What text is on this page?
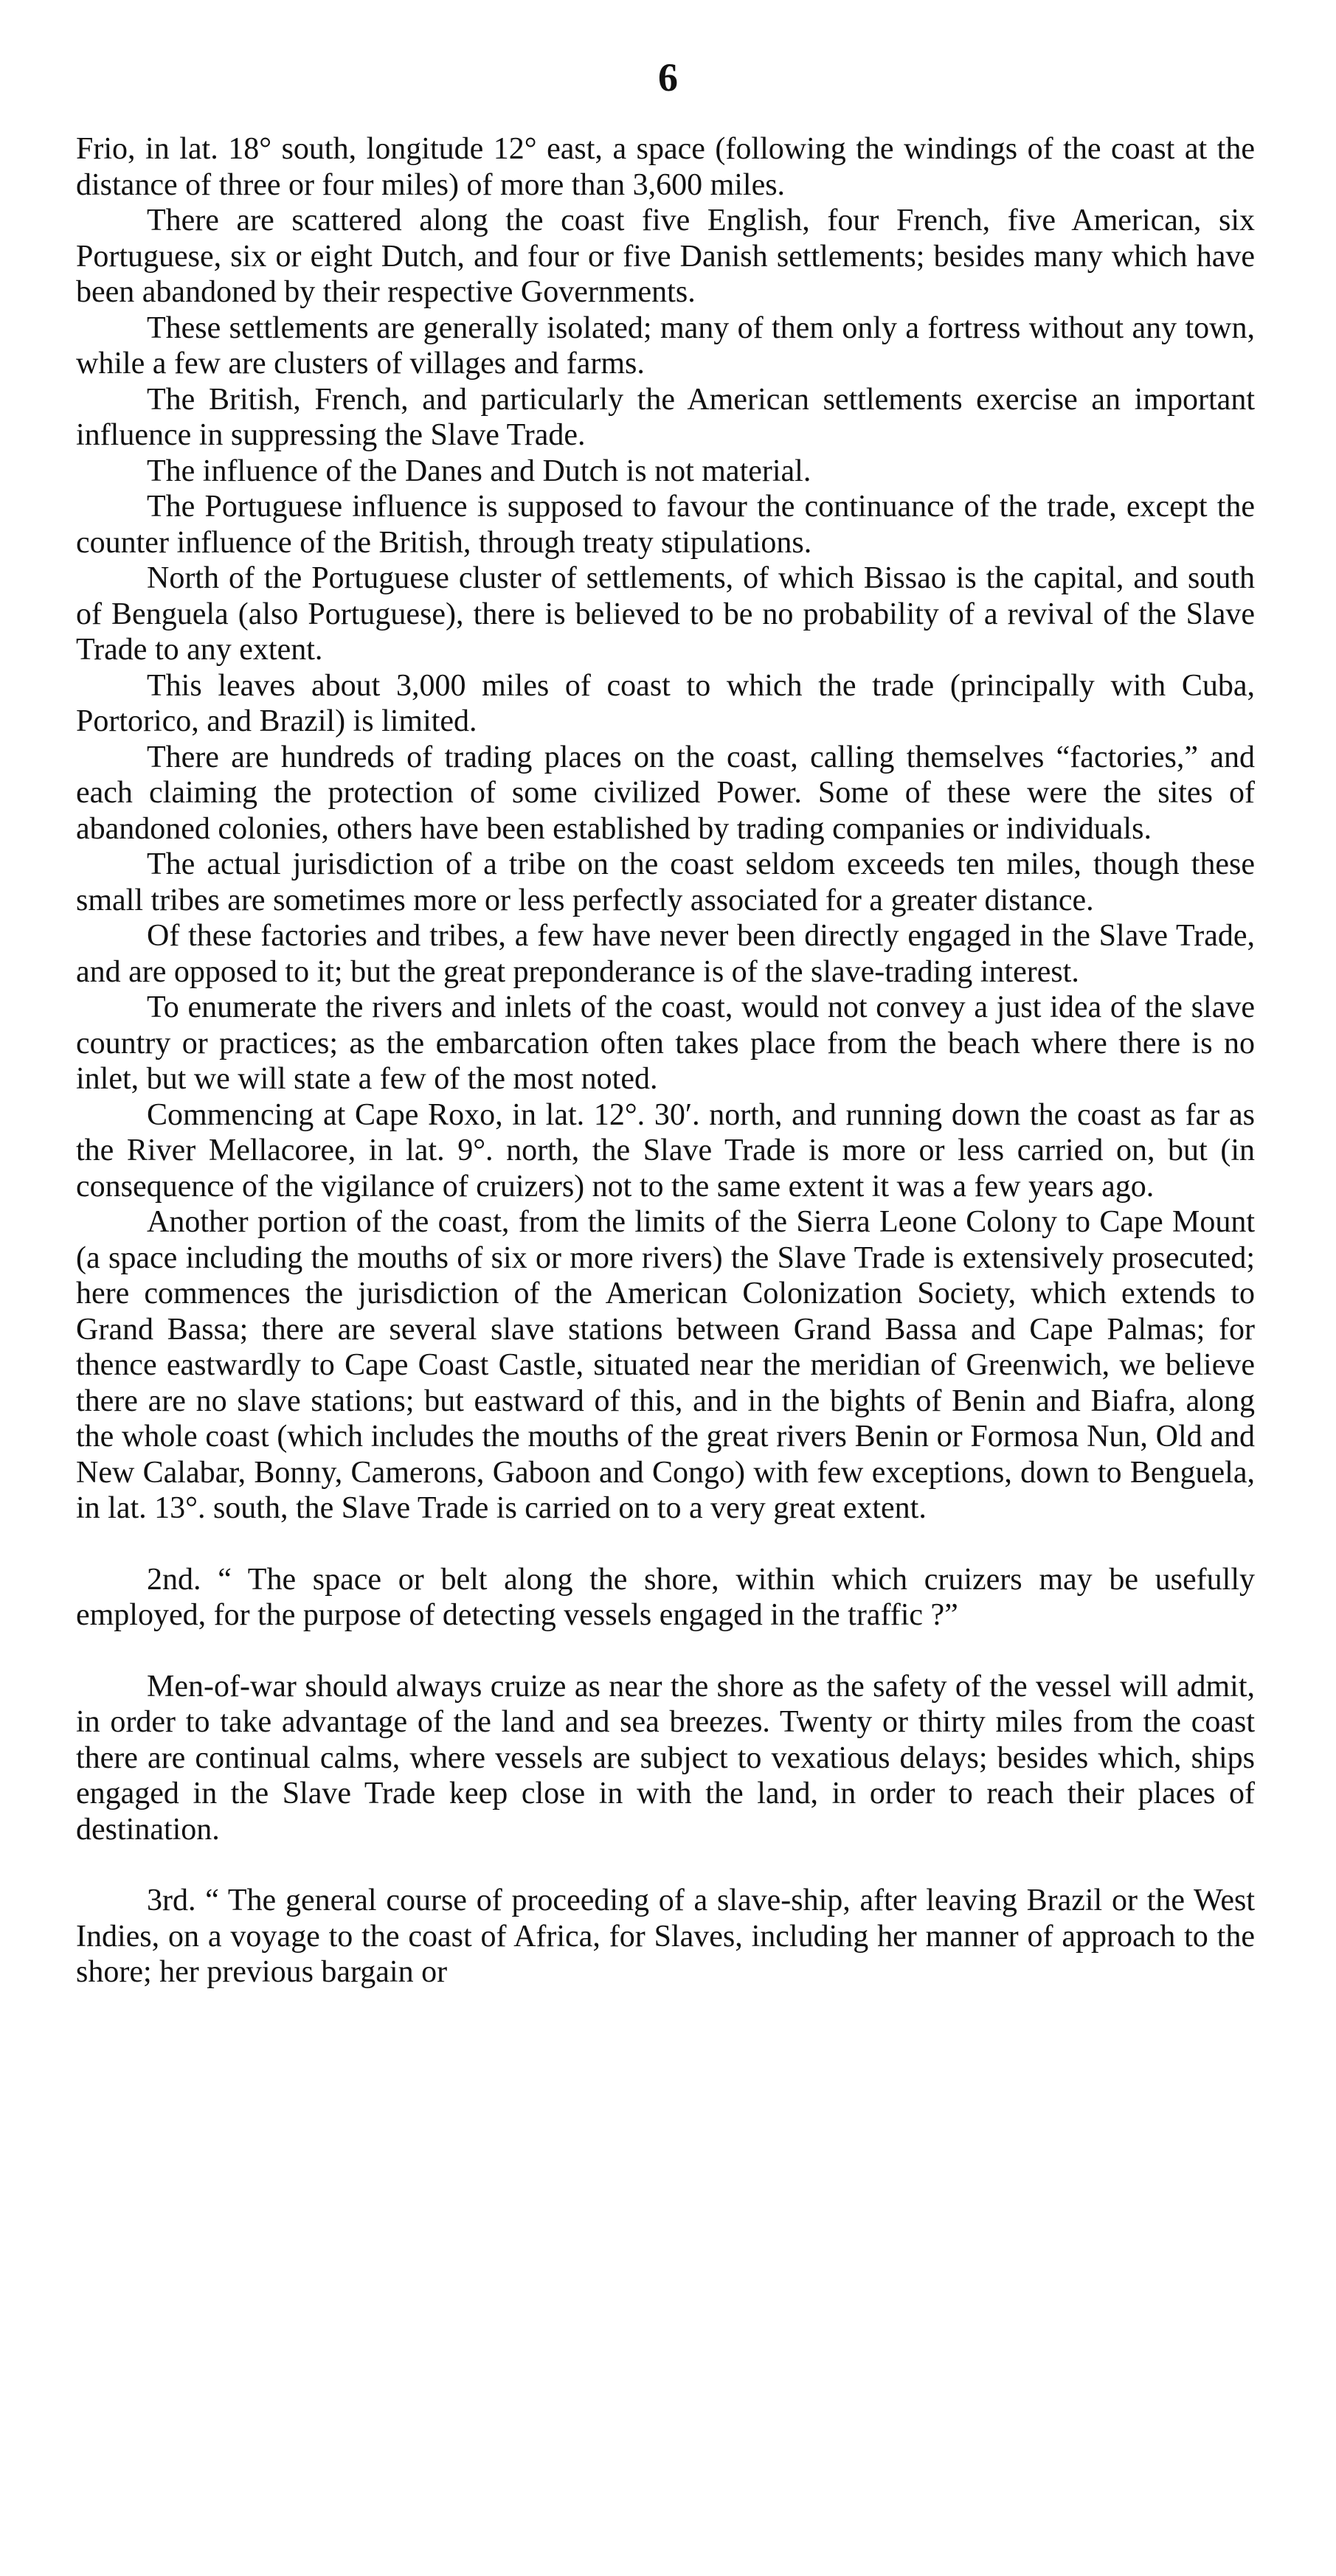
6

Frio, in lat. 18° south, longitude 12° east, a space (following the windings of the coast at the distance of three or four miles) of more than 3,600 miles.

There are scattered along the coast five English, four French, five American, six Portuguese, six or eight Dutch, and four or five Danish settlements; besides many which have been abandoned by their respective Governments.

These settlements are generally isolated; many of them only a fortress without any town, while a few are clusters of villages and farms.

The British, French, and particularly the American settlements exercise an important influence in suppressing the Slave Trade.

The influence of the Danes and Dutch is not material.

The Portuguese influence is supposed to favour the continuance of the trade, except the counter influence of the British, through treaty stipulations.

North of the Portuguese cluster of settlements, of which Bissao is the capital, and south of Benguela (also Portuguese), there is believed to be no probability of a revival of the Slave Trade to any extent.

This leaves about 3,000 miles of coast to which the trade (principally with Cuba, Portorico, and Brazil) is limited.

There are hundreds of trading places on the coast, calling themselves “factories,” and each claiming the protection of some civilized Power. Some of these were the sites of abandoned colonies, others have been established by trading companies or individuals.

The actual jurisdiction of a tribe on the coast seldom exceeds ten miles, though these small tribes are sometimes more or less perfectly associated for a greater distance.

Of these factories and tribes, a few have never been directly engaged in the Slave Trade, and are opposed to it; but the great preponderance is of the slave-trading interest.

To enumerate the rivers and inlets of the coast, would not convey a just idea of the slave country or practices; as the embarcation often takes place from the beach where there is no inlet, but we will state a few of the most noted.

Commencing at Cape Roxo, in lat. 12°. 30′. north, and running down the coast as far as the River Mellacoree, in lat. 9°. north, the Slave Trade is more or less carried on, but (in consequence of the vigilance of cruizers) not to the same extent it was a few years ago.

Another portion of the coast, from the limits of the Sierra Leone Colony to Cape Mount (a space including the mouths of six or more rivers) the Slave Trade is extensively prosecuted; here commences the jurisdiction of the American Colonization Society, which extends to Grand Bassa; there are several slave stations between Grand Bassa and Cape Palmas; for thence eastwardly to Cape Coast Castle, situated near the meridian of Greenwich, we believe there are no slave stations; but eastward of this, and in the bights of Benin and Biafra, along the whole coast (which includes the mouths of the great rivers Benin or Formosa Nun, Old and New Calabar, Bonny, Camerons, Gaboon and Congo) with few exceptions, down to Benguela, in lat. 13°. south, the Slave Trade is carried on to a very great extent.

2nd. “ The space or belt along the shore, within which cruizers may be usefully employed, for the purpose of detecting vessels engaged in the traffic ?”

Men-of-war should always cruize as near the shore as the safety of the vessel will admit, in order to take advantage of the land and sea breezes. Twenty or thirty miles from the coast there are continual calms, where vessels are subject to vexatious delays; besides which, ships engaged in the Slave Trade keep close in with the land, in order to reach their places of destination.

3rd. “ The general course of proceeding of a slave-ship, after leaving Brazil or the West Indies, on a voyage to the coast of Africa, for Slaves, including her manner of approach to the shore; her previous bargain or
